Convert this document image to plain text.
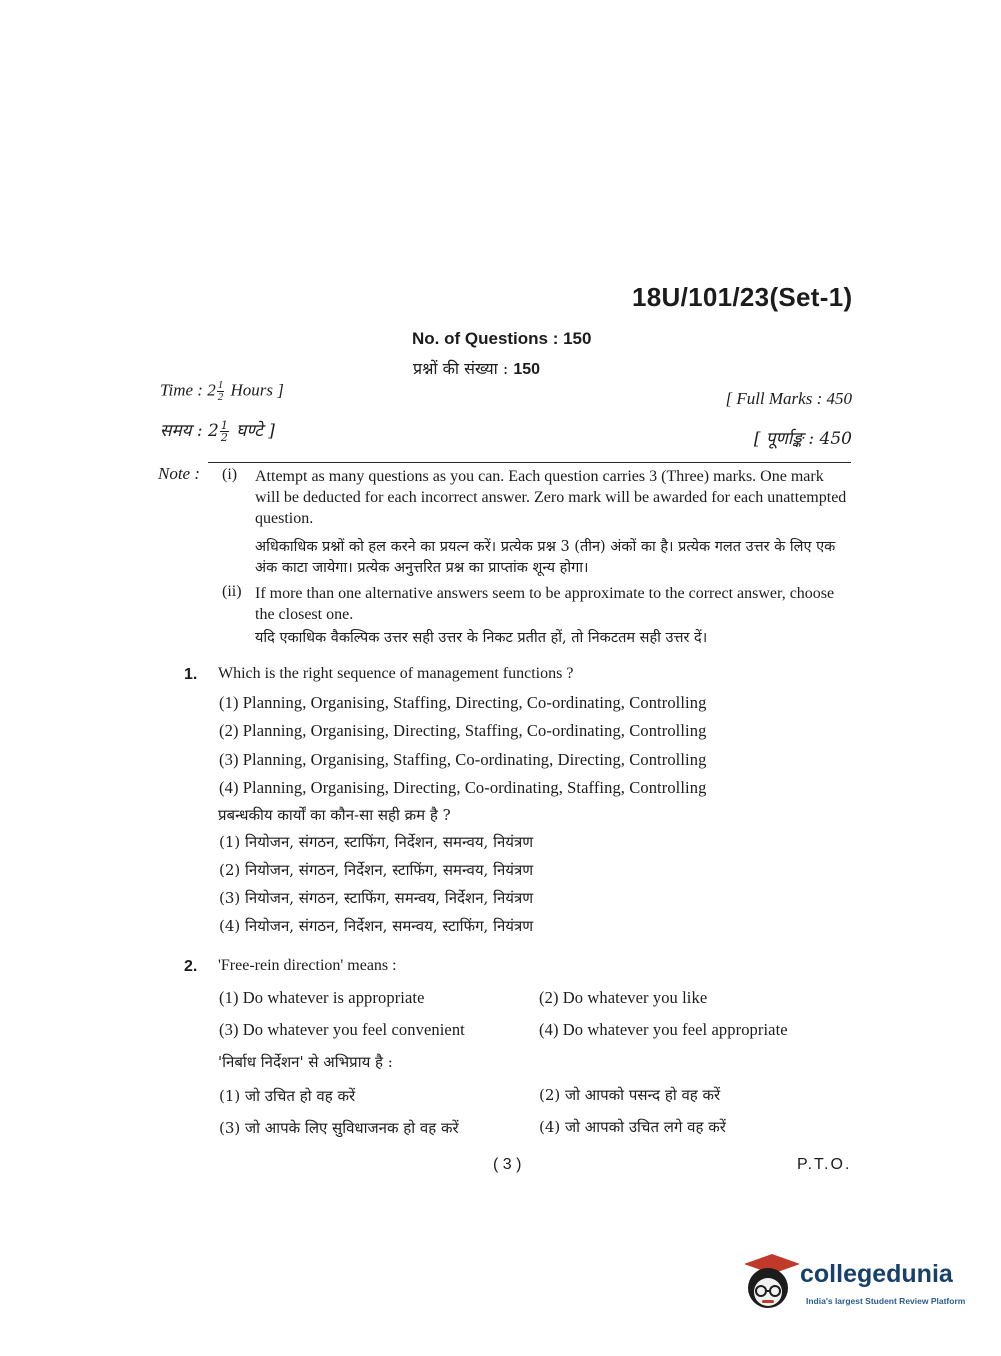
18U/101/23(Set-1)
No. of Questions : 150
प्रश्नों की संख्या : 150
Time : $2 \frac{1}{2}$ Hours ]
समय : $2 \frac{1}{2}$ घण्टे ]
[ Full Marks : 450
[ पूर्णाङ्क : 450
Note : (i) Attempt as many questions as you can. Each question carries 3 (Three) marks. One mark will be deducted for each incorrect answer. Zero mark will be awarded for each unattempted question.
अधिकाधिक प्रश्नों को हल करने का प्रयत्न करें। प्रत्येक प्रश्न 3 (तीन) अंकों का है। प्रत्येक गलत उत्तर के लिए एक अंक काटा जायेगा। प्रत्येक अनुत्तरित प्रश्न का प्राप्तांक शून्य होगा।
(ii) If more than one alternative answers seem to be approximate to the correct answer, choose the closest one.
यदि एकाधिक वैकल्पिक उत्तर सही उत्तर के निकट प्रतीत हों, तो निकटतम सही उत्तर दें।
1. Which is the right sequence of management functions ?
(1) Planning, Organising, Staffing, Directing, Co-ordinating, Controlling
(2) Planning, Organising, Directing, Staffing, Co-ordinating, Controlling
(3) Planning, Organising, Staffing, Co-ordinating, Directing, Controlling
(4) Planning, Organising, Directing, Co-ordinating, Staffing, Controlling
प्रबन्धकीय कार्यों का कौन-सा सही क्रम है ?
(1) नियोजन, संगठन, स्टाफिंग, निर्देशन, समन्वय, नियंत्रण
(2) नियोजन, संगठन, निर्देशन, स्टाफिंग, समन्वय, नियंत्रण
(3) नियोजन, संगठन, स्टाफिंग, समन्वय, निर्देशन, नियंत्रण
(4) नियोजन, संगठन, निर्देशन, समन्वय, स्टाफिंग, नियंत्रण
2. 'Free-rein direction' means :
(1) Do whatever is appropriate	(2) Do whatever you like
(3) Do whatever you feel convenient	(4) Do whatever you feel appropriate
'निर्बाध निर्देशन' से अभिप्राय है :
(1) जो उचित हो वह करें	(2) जो आपको पसन्द हो वह करें
(3) जो आपके लिए सुविधाजनक हो वह करें	(4) जो आपको उचित लगे वह करें
( 3 )	P.T.O.
collegedunia
India's largest Student Review Platform
